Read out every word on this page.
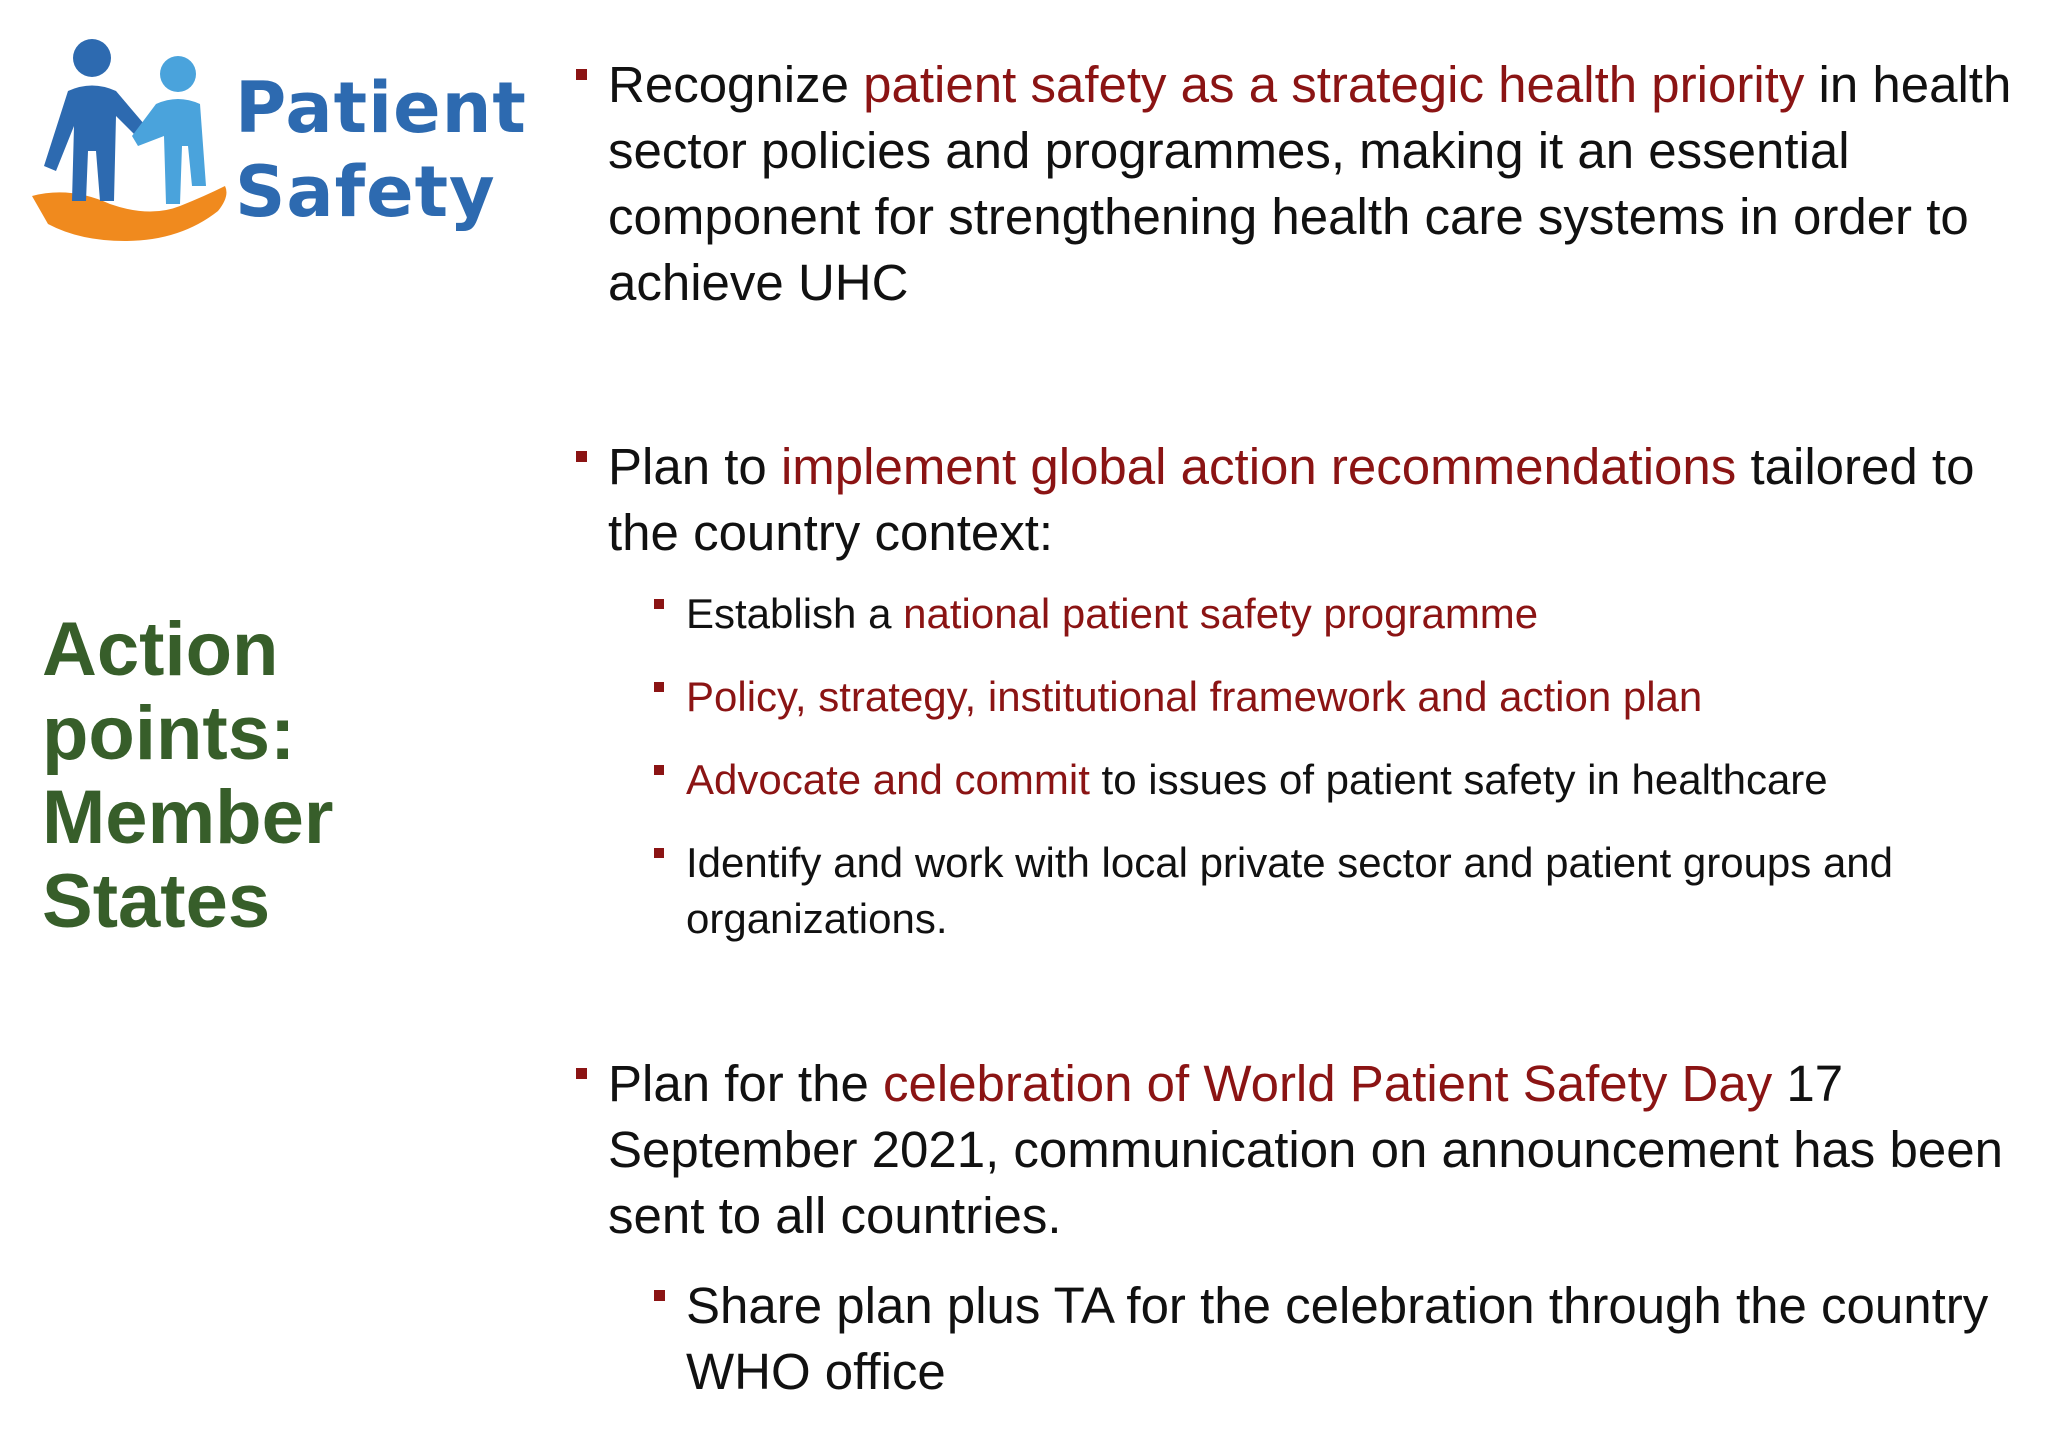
Patient
Safety
Action
points:
Member
States
Recognize patient safety as a strategic health priority in health sector policies and programmes, making it an essential component for strengthening health care systems in order to achieve UHC
Plan to implement global action recommendations tailored to the country context:
Establish a national patient safety programme
Policy, strategy, institutional framework and action plan
Advocate and commit to issues of patient safety in healthcare
Identify and work with local private sector and patient groups and organizations.
Plan for the celebration of World Patient Safety Day 17 September 2021, communication on announcement has been sent to all countries.
Share plan plus TA for the celebration through the country WHO office
